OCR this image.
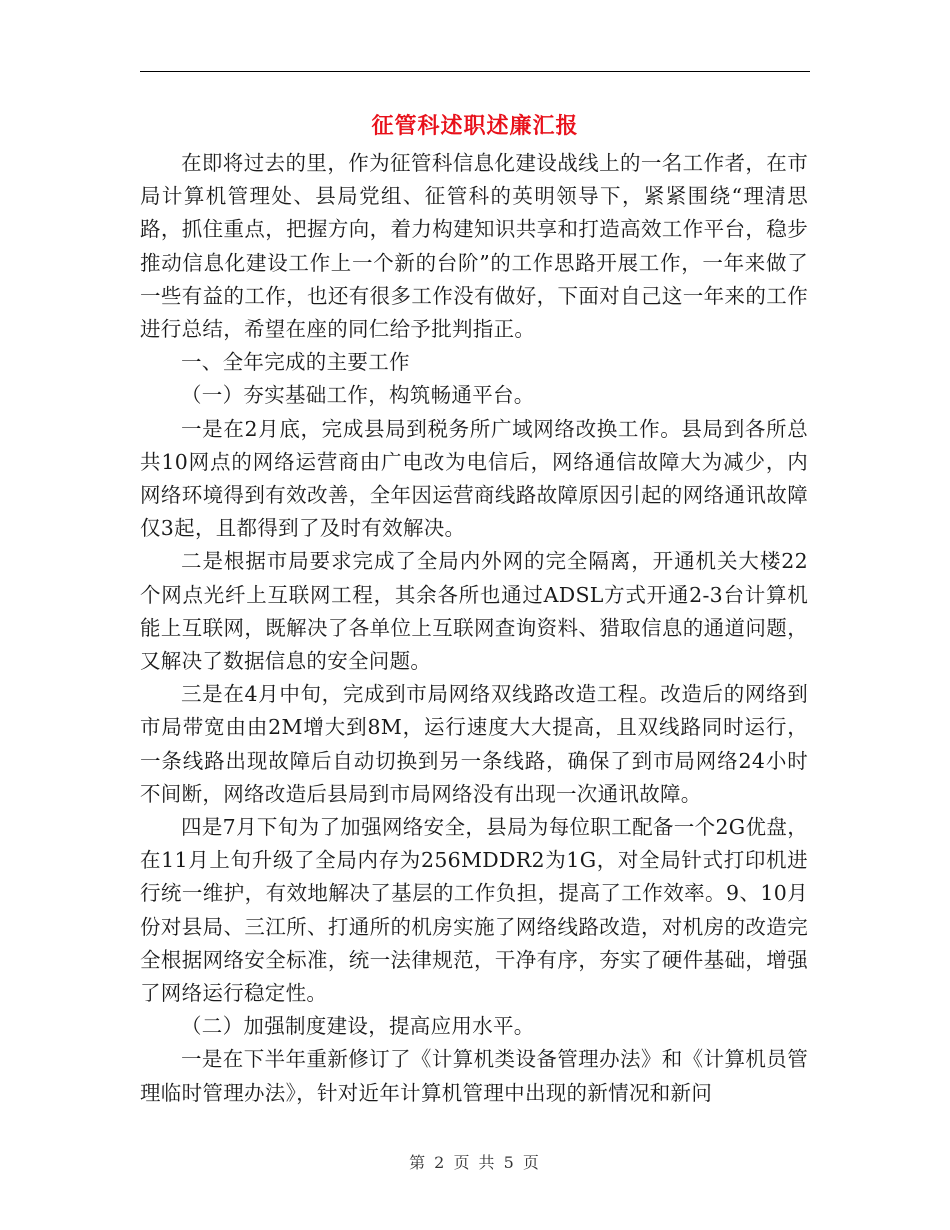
征管科述职述廉汇报

在即将过去的里，作为征管科信息化建设战线上的一名工作者，在市局计算机管理处、县局党组、征管科的英明领导下，紧紧围绕“理清思路，抓住重点，把握方向，着力构建知识共享和打造高效工作平台，稳步推动信息化建设工作上一个新的台阶”的工作思路开展工作，一年来做了一些有益的工作，也还有很多工作没有做好，下面对自己这一年来的工作进行总结，希望在座的同仁给予批判指正。

一、全年完成的主要工作

（一）夯实基础工作，构筑畅通平台。

一是在2月底，完成县局到税务所广域网络改换工作。县局到各所总共10网点的网络运营商由广电改为电信后，网络通信故障大为减少，内网络环境得到有效改善，全年因运营商线路故障原因引起的网络通讯故障仅3起，且都得到了及时有效解决。

二是根据市局要求完成了全局内外网的完全隔离，开通机关大楼22个网点光纤上互联网工程，其余各所也通过ADSL方式开通2-3台计算机能上互联网，既解决了各单位上互联网查询资料、猎取信息的通道问题，又解决了数据信息的安全问题。

三是在4月中旬，完成到市局网络双线路改造工程。改造后的网络到市局带宽由由2M增大到8M，运行速度大大提高，且双线路同时运行，一条线路出现故障后自动切换到另一条线路，确保了到市局网络24小时不间断，网络改造后县局到市局网络没有出现一次通讯故障。

四是7月下旬为了加强网络安全，县局为每位职工配备一个2G优盘，在11月上旬升级了全局内存为256MDDR2为1G，对全局针式打印机进行统一维护，有效地解决了基层的工作负担，提高了工作效率。9、10月份对县局、三江所、打通所的机房实施了网络线路改造，对机房的改造完全根据网络安全标准，统一法律规范，干净有序，夯实了硬件基础，增强了网络运行稳定性。

（二）加强制度建设，提高应用水平。

一是在下半年重新修订了《计算机类设备管理办法》和《计算机员管理临时管理办法》，针对近年计算机管理中出现的新情况和新问

第 2 页 共 5 页
